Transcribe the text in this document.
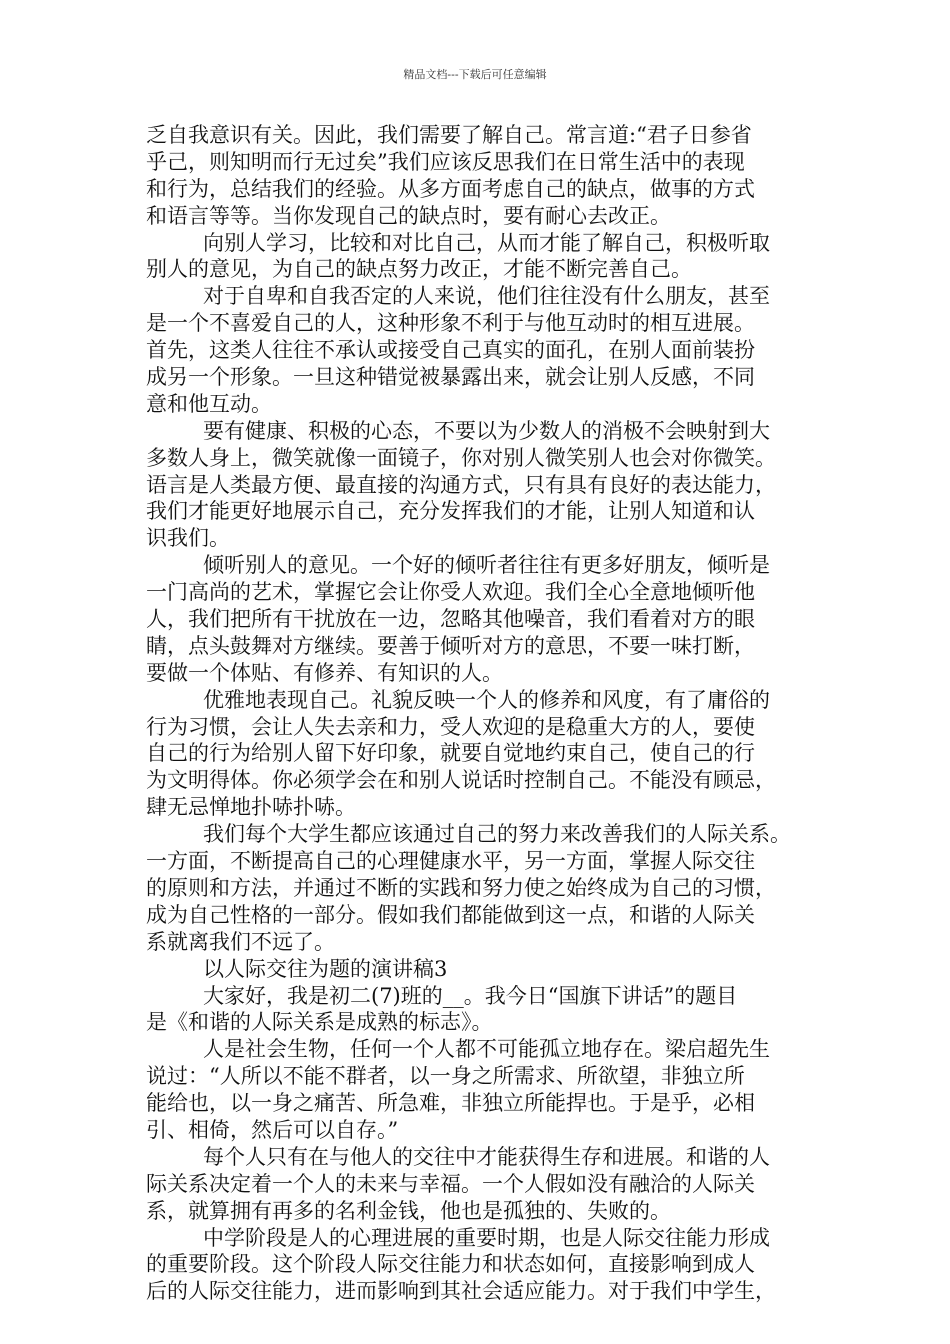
精品文档---下载后可任意编辑
乏自我意识有关。因此，我们需要了解自己。常言道:“君子日参省
乎己，则知明而行无过矣”我们应该反思我们在日常生活中的表现
和行为，总结我们的经验。从多方面考虑自己的缺点，做事的方式
和语言等等。当你发现自己的缺点时，要有耐心去改正。
向别人学习，比较和对比自己，从而才能了解自己，积极听取
别人的意见，为自己的缺点努力改正，才能不断完善自己。
对于自卑和自我否定的人来说，他们往往没有什么朋友，甚至
是一个不喜爱自己的人，这种形象不利于与他互动时的相互进展。
首先，这类人往往不承认或接受自己真实的面孔，在别人面前装扮
成另一个形象。一旦这种错觉被暴露出来，就会让别人反感，不同
意和他互动。
要有健康、积极的心态，不要以为少数人的消极不会映射到大
多数人身上，微笑就像一面镜子，你对别人微笑别人也会对你微笑。
语言是人类最方便、最直接的沟通方式，只有具有良好的表达能力，
我们才能更好地展示自己，充分发挥我们的才能，让别人知道和认
识我们。
倾听别人的意见。一个好的倾听者往往有更多好朋友，倾听是
一门高尚的艺术，掌握它会让你受人欢迎。我们全心全意地倾听他
人，我们把所有干扰放在一边，忽略其他噪音，我们看着对方的眼
睛，点头鼓舞对方继续。要善于倾听对方的意思，不要一味打断，
要做一个体贴、有修养、有知识的人。
优雅地表现自己。礼貌反映一个人的修养和风度，有了庸俗的
行为习惯，会让人失去亲和力，受人欢迎的是稳重大方的人，要使
自己的行为给别人留下好印象，就要自觉地约束自己，使自己的行
为文明得体。你必须学会在和别人说话时控制自己。不能没有顾忌，
肆无忌惮地扑哧扑哧。
我们每个大学生都应该通过自己的努力来改善我们的人际关系。
一方面，不断提高自己的心理健康水平，另一方面，掌握人际交往
的原则和方法，并通过不断的实践和努力使之始终成为自己的习惯，
成为自己性格的一部分。假如我们都能做到这一点，和谐的人际关
系就离我们不远了。
以人际交往为题的演讲稿3
大家好，我是初二(7)班的__。我今日“国旗下讲话”的题目
是《和谐的人际关系是成熟的标志》。
人是社会生物，任何一个人都不可能孤立地存在。梁启超先生
说过：“人所以不能不群者，以一身之所需求、所欲望，非独立所
能给也，以一身之痛苦、所急难，非独立所能捍也。于是乎，必相
引、相倚，然后可以自存。”
每个人只有在与他人的交往中才能获得生存和进展。和谐的人
际关系决定着一个人的未来与幸福。一个人假如没有融洽的人际关
系，就算拥有再多的名利金钱，他也是孤独的、失败的。
中学阶段是人的心理进展的重要时期，也是人际交往能力形成
的重要阶段。这个阶段人际交往能力和状态如何，直接影响到成人
后的人际交往能力，进而影响到其社会适应能力。对于我们中学生，
